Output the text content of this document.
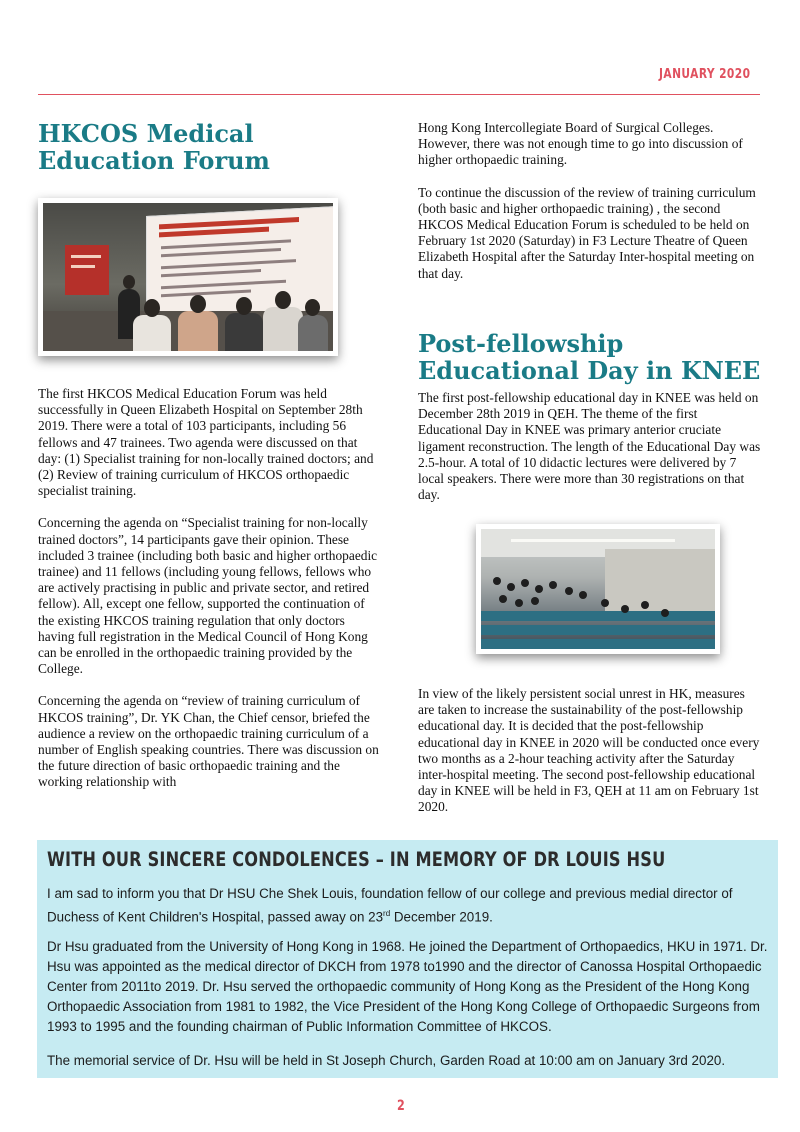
JANUARY 2020
HKCOS Medical
Education Forum

The first HKCOS Medical Education Forum was held successfully in Queen Elizabeth Hospital on September 28th 2019. There were a total of 103 participants, including 56 fellows and 47 trainees. Two agenda were discussed on that day: (1) Specialist training for non-locally trained doctors; and (2) Review of training curriculum of HKCOS orthopaedic specialist training.

Concerning the agenda on “Specialist training for non-locally trained doctors”, 14 participants gave their opinion. These included 3 trainee (including both basic and higher orthopaedic trainee) and 11 fellows (including young fellows, fellows who are actively practising in public and private sector, and retired fellow). All, except one fellow, supported the continuation of the existing HKCOS training regulation that only doctors having full registration in the Medical Council of Hong Kong can be enrolled in the orthopaedic training provided by the College.

Concerning the agenda on “review of training curriculum of HKCOS training”, Dr. YK Chan, the Chief censor, briefed the audience a review on the orthopaedic training curriculum of a number of English speaking countries. There was discussion on the future direction of basic orthopaedic training and the working relationship with

Hong Kong Intercollegiate Board of Surgical Colleges. However, there was not enough time to go into discussion of higher orthopaedic training.

To continue the discussion of the review of training curriculum (both basic and higher orthopaedic training) , the second HKCOS Medical Education Forum is scheduled to be held on February 1st 2020 (Saturday) in F3 Lecture Theatre of Queen Elizabeth Hospital after the Saturday Inter-hospital meeting on that day.

Post-fellowship
Educational Day in KNEE

The first post-fellowship educational day in KNEE was held on December 28th 2019 in QEH. The theme of the first Educational Day in KNEE was primary anterior cruciate ligament reconstruction. The length of the Educational Day was 2.5-hour. A total of 10 didactic lectures were delivered by 7 local speakers. There were more than 30 registrations on that day.

In view of the likely persistent social unrest in HK, measures are taken to increase the sustainability of the post-fellowship educational day. It is decided that the post-fellowship educational day in KNEE in 2020 will be conducted once every two months as a 2-hour teaching activity after the Saturday inter-hospital meeting. The second post-fellowship educational day in KNEE will be held in F3, QEH at 11 am on February 1st 2020.

WITH OUR SINCERE CONDOLENCES – IN MEMORY OF DR LOUIS HSU

I am sad to inform you that Dr HSU Che Shek Louis, foundation fellow of our college and previous medial director of Duchess of Kent Children's Hospital, passed away on 23rd December 2019.

Dr Hsu graduated from the University of Hong Kong in 1968. He joined the Department of Orthopaedics, HKU in 1971. Dr. Hsu was appointed as the medical director of DKCH from 1978 to1990 and the director of Canossa Hospital Orthopaedic Center from 2011to 2019. Dr. Hsu served the orthopaedic community of Hong Kong as the President of the Hong Kong Orthopaedic Association from 1981 to 1982, the Vice President of the Hong Kong College of Orthopaedic Surgeons from 1993 to 1995 and the founding chairman of Public Information Committee of HKCOS.

The memorial service of Dr. Hsu will be held in St Joseph Church, Garden Road at 10:00 am on January 3rd 2020.

2
